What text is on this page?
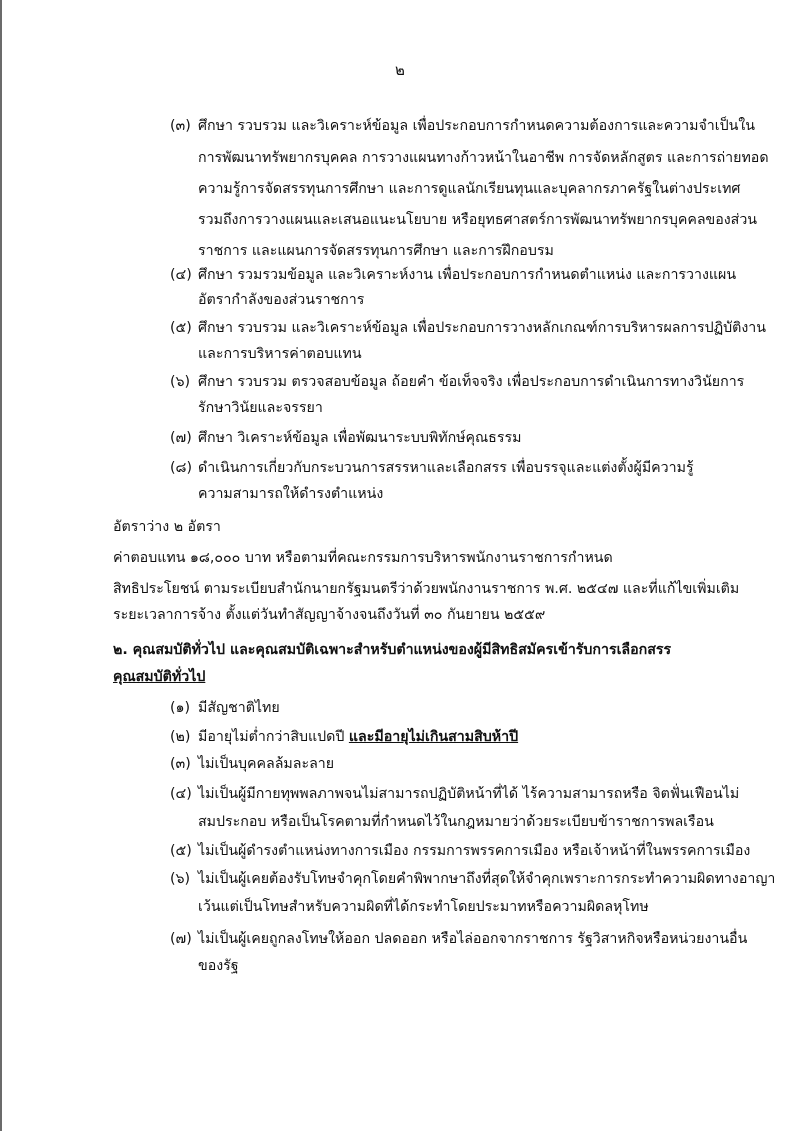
๒
(๓) ศึกษา รวบรวม และวิเคราะห์ข้อมูล เพื่อประกอบการกำหนดความต้องการและความจำเป็นใน
การพัฒนาทรัพยากรบุคคล การวางแผนทางก้าวหน้าในอาชีพ การจัดหลักสูตร และการถ่ายทอด
ความรู้การจัดสรรทุนการศึกษา และการดูแลนักเรียนทุนและบุคลากรภาครัฐในต่างประเทศ
รวมถึงการวางแผนและเสนอแนะนโยบาย หรือยุทธศาสตร์การพัฒนาทรัพยากรบุคคลของส่วน
ราชการ และแผนการจัดสรรทุนการศึกษา และการฝึกอบรม
(๔) ศึกษา รวมรวมข้อมูล และวิเคราะห์งาน เพื่อประกอบการกำหนดตำแหน่ง และการวางแผน
อัตรากำลังของส่วนราชการ
(๕) ศึกษา รวบรวม และวิเคราะห์ข้อมูล เพื่อประกอบการวางหลักเกณฑ์การบริหารผลการปฏิบัติงาน
และการบริหารค่าตอบแทน
(๖) ศึกษา รวบรวม ตรวจสอบข้อมูล ถ้อยคำ ข้อเท็จจริง เพื่อประกอบการดำเนินการทางวินัยการ
รักษาวินัยและจรรยา
(๗) ศึกษา วิเคราะห์ข้อมูล เพื่อพัฒนาระบบพิทักษ์คุณธรรม
(๘) ดำเนินการเกี่ยวกับกระบวนการสรรหาและเลือกสรร เพื่อบรรจุและแต่งตั้งผู้มีความรู้
ความสามารถให้ดำรงตำแหน่ง
อัตราว่าง ๒ อัตรา
ค่าตอบแทน ๑๘,๐๐๐ บาท หรือตามที่คณะกรรมการบริหารพนักงานราชการกำหนด
สิทธิประโยชน์ ตามระเบียบสำนักนายกรัฐมนตรีว่าด้วยพนักงานราชการ พ.ศ. ๒๕๔๗ และที่แก้ไขเพิ่มเติม
ระยะเวลาการจ้าง ตั้งแต่วันทำสัญญาจ้างจนถึงวันที่ ๓๐ กันยายน ๒๕๕๙
๒. คุณสมบัติทั่วไป และคุณสมบัติเฉพาะสำหรับตำแหน่งของผู้มีสิทธิสมัครเข้ารับการเลือกสรร
คุณสมบัติทั่วไป
(๑) มีสัญชาติไทย
(๒) มีอายุไม่ต่ำกว่าสิบแปดปี และมีอายุไม่เกินสามสิบห้าปี
(๓) ไม่เป็นบุคคลล้มละลาย
(๔) ไม่เป็นผู้มีกายทุพพลภาพจนไม่สามารถปฏิบัติหน้าที่ได้ ไร้ความสามารถหรือ จิตฟั่นเฟือนไม่
สมประกอบ หรือเป็นโรคตามที่กำหนดไว้ในกฎหมายว่าด้วยระเบียบข้าราชการพลเรือน
(๕) ไม่เป็นผู้ดำรงตำแหน่งทางการเมือง กรรมการพรรคการเมือง หรือเจ้าหน้าที่ในพรรคการเมือง
(๖) ไม่เป็นผู้เคยต้องรับโทษจำคุกโดยคำพิพากษาถึงที่สุดให้จำคุกเพราะการกระทำความผิดทางอาญา
เว้นแต่เป็นโทษสำหรับความผิดที่ได้กระทำโดยประมาทหรือความผิดลหุโทษ
(๗) ไม่เป็นผู้เคยถูกลงโทษให้ออก ปลดออก หรือไล่ออกจากราชการ รัฐวิสาหกิจหรือหน่วยงานอื่น
ของรัฐ
